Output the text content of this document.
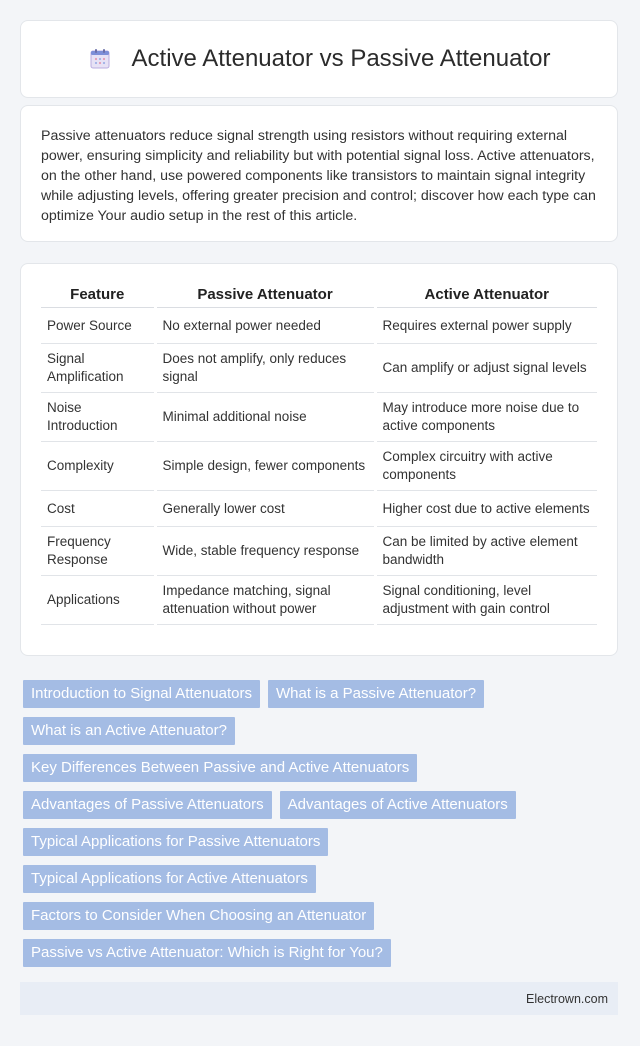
Active Attenuator vs Passive Attenuator

Passive attenuators reduce signal strength using resistors without requiring external power, ensuring simplicity and reliability but with potential signal loss. Active attenuators, on the other hand, use powered components like transistors to maintain signal integrity while adjusting levels, offering greater precision and control; discover how each type can optimize Your audio setup in the rest of this article.

Feature	Passive Attenuator	Active Attenuator
Power Source	No external power needed	Requires external power supply
Signal Amplification	Does not amplify, only reduces signal	Can amplify or adjust signal levels
Noise Introduction	Minimal additional noise	May introduce more noise due to active components
Complexity	Simple design, fewer components	Complex circuitry with active components
Cost	Generally lower cost	Higher cost due to active elements
Frequency Response	Wide, stable frequency response	Can be limited by active element bandwidth
Applications	Impedance matching, signal attenuation without power	Signal conditioning, level adjustment with gain control
Introduction to Signal Attenuators	What is a Passive Attenuator?
What is an Active Attenuator?
Key Differences Between Passive and Active Attenuators
Advantages of Passive Attenuators	Advantages of Active Attenuators
Typical Applications for Passive Attenuators
Typical Applications for Active Attenuators
Factors to Consider When Choosing an Attenuator
Passive vs Active Attenuator: Which is Right for You?
Electrown.com
